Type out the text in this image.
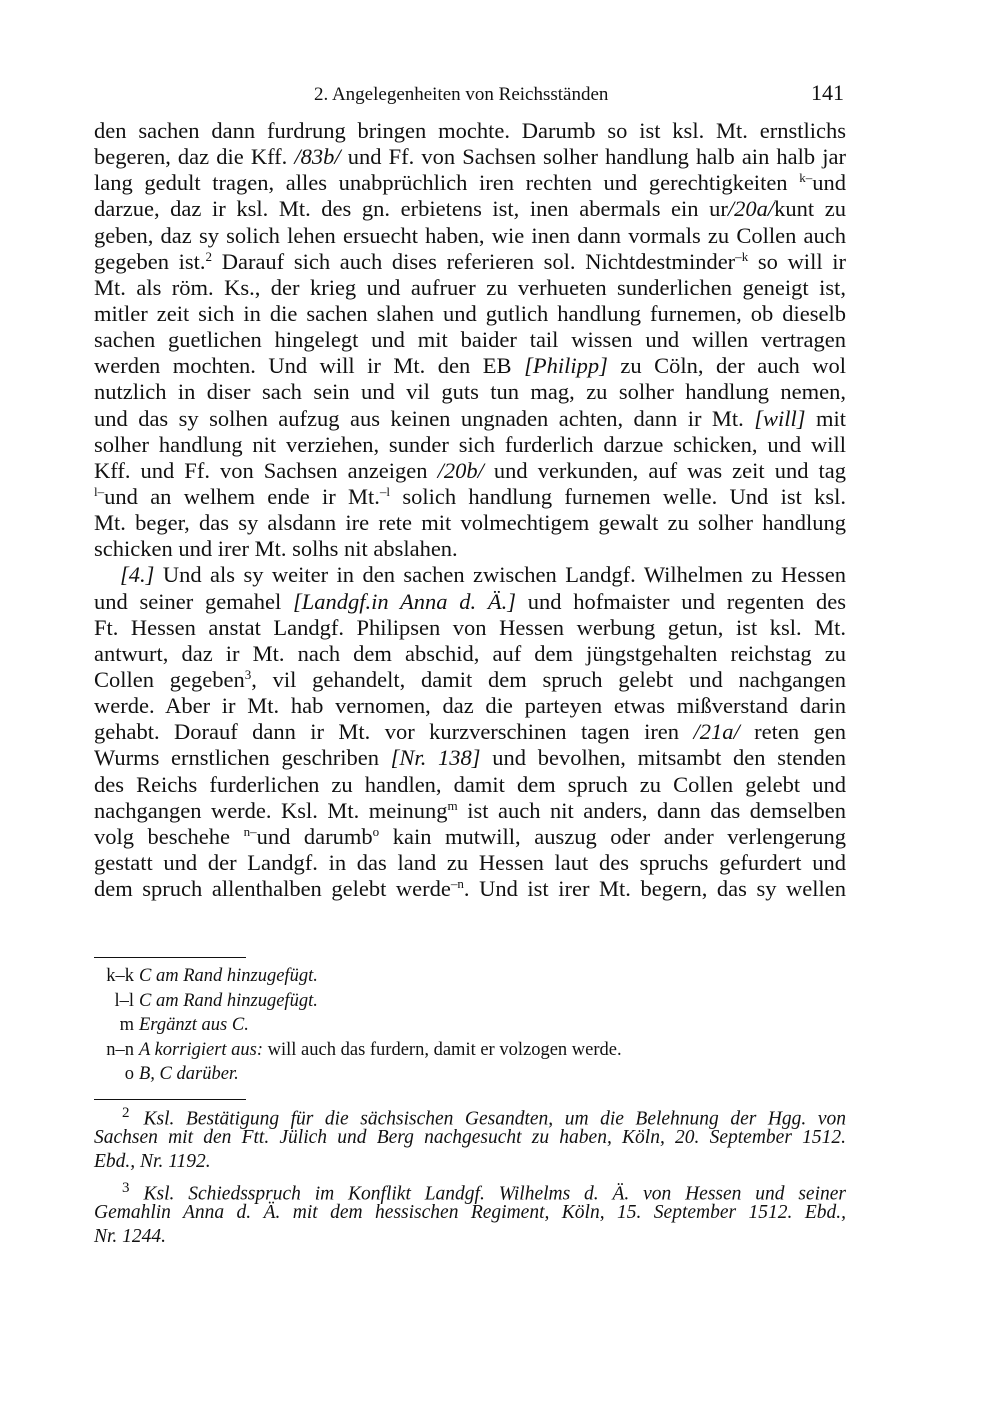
2. Angelegenheiten von Reichsständen	141
den sachen dann furdrung bringen mochte. Darumb so ist ksl. Mt. ernstlichs
begeren, daz die Kff. /83b/ und Ff. von Sachsen solher handlung halb ain halb jar
lang gedult tragen, alles unabprüchlich iren rechten und gerechtigkeiten $^{k-}$und
darzue, daz ir ksl. Mt. des gn. erbietens ist, inen abermals ein ur/20a/kunt zu
geben, daz sy solich lehen ersuecht haben, wie inen dann vormals zu Collen auch
gegeben ist.$^2$ Darauf sich auch dises referieren sol. Nichtdestminder$^{-k}$ so will ir
Mt. als röm. Ks., der krieg und aufruer zu verhueten sunderlichen geneigt ist,
mitler zeit sich in die sachen slahen und gutlich handlung furnemen, ob dieselb
sachen guetlichen hingelegt und mit baider tail wissen und willen vertragen
werden mochten. Und will ir Mt. den EB [Philipp] zu Cöln, der auch wol
nutzlich in diser sach sein und vil guts tun mag, zu solher handlung nemen,
und das sy solhen aufzug aus keinen ungnaden achten, dann ir Mt. [will] mit
solher handlung nit verziehen, sunder sich furderlich darzue schicken, und will
Kff. und Ff. von Sachsen anzeigen /20b/ und verkunden, auf was zeit und tag
$^{l-}$und an welhem ende ir Mt.$^{-l}$ solich handlung furnemen welle. Und ist ksl.
Mt. beger, das sy alsdann ire rete mit volmechtigem gewalt zu solher handlung
schicken und irer Mt. solhs nit abslahen.
[4.] Und als sy weiter in den sachen zwischen Landgf. Wilhelmen zu Hessen
und seiner gemahel [Landgf.in Anna d. Ä.] und hofmaister und regenten des
Ft. Hessen anstat Landgf. Philipsen von Hessen werbung getun, ist ksl. Mt.
antwurt, daz ir Mt. nach dem abschid, auf dem jüngstgehalten reichstag zu
Collen gegeben$^3$, vil gehandelt, damit dem spruch gelebt und nachgangen
werde. Aber ir Mt. hab vernomen, daz die parteyen etwas mißverstand darin
gehabt. Dorauf dann ir Mt. vor kurzverschinen tagen iren /21a/ reten gen
Wurms ernstlichen geschriben [Nr. 138] und bevolhen, mitsambt den stenden
des Reichs furderlichen zu handlen, damit dem spruch zu Collen gelebt und
nachgangen werde. Ksl. Mt. meinung$^m$ ist auch nit anders, dann das demselben
volg beschehe $^{n-}$und darumb$^o$ kain mutwill, auszug oder ander verlengerung
gestatt und der Landgf. in das land zu Hessen laut des spruchs gefurdert und
dem spruch allenthalben gelebt werde$^{-n}$. Und ist irer Mt. begern, das sy wellen
k–k C am Rand hinzugefügt.
l–l C am Rand hinzugefügt.
m Ergänzt aus C.
n–n A korrigiert aus: will auch das furdern, damit er volzogen werde.
o B, C darüber.
$^2$ Ksl. Bestätigung für die sächsischen Gesandten, um die Belehnung der Hgg. von
Sachsen mit den Ftt. Jülich und Berg nachgesucht zu haben, Köln, 20. September 1512.
Ebd., Nr. 1192.
$^3$ Ksl. Schiedsspruch im Konflikt Landgf. Wilhelms d. Ä. von Hessen und seiner
Gemahlin Anna d. Ä. mit dem hessischen Regiment, Köln, 15. September 1512. Ebd.,
Nr. 1244.
